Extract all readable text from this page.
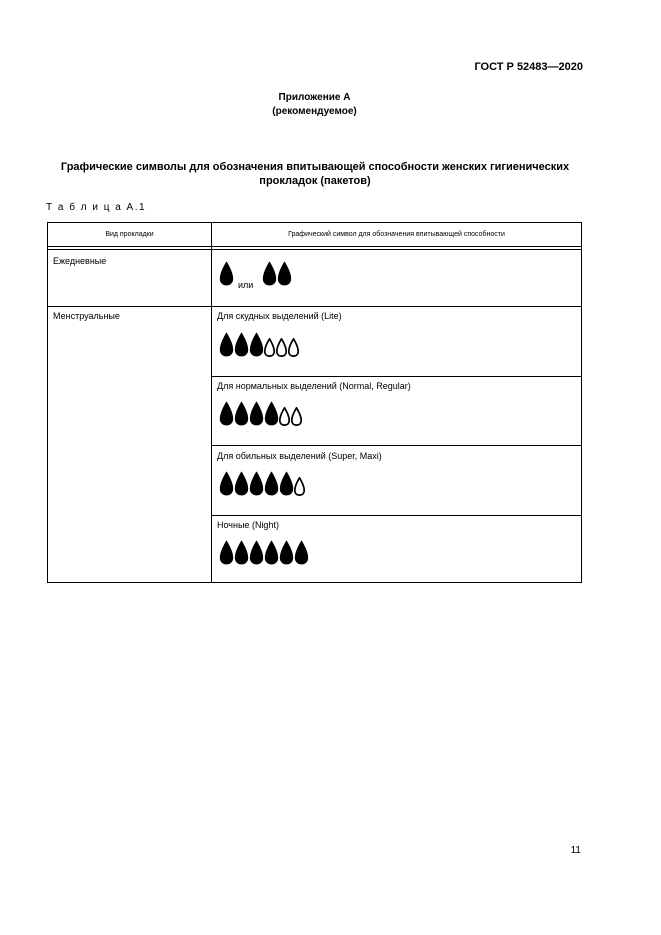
ГОСТ Р 52483—2020
Приложение А
(рекомендуемое)
Графические символы для обозначения впитывающей способности женских гигиенических прокладок (пакетов)
Т а б л и ц а А.1
Вид прокладки	Графический символ для обозначения впитывающей способности
Ежедневные
или
Менструальные	Для скудных выделений (Lite)
Для нормальных выделений (Normal, Regular)
Для обильных выделений (Super, Maxi)
Ночные (Night)
11
